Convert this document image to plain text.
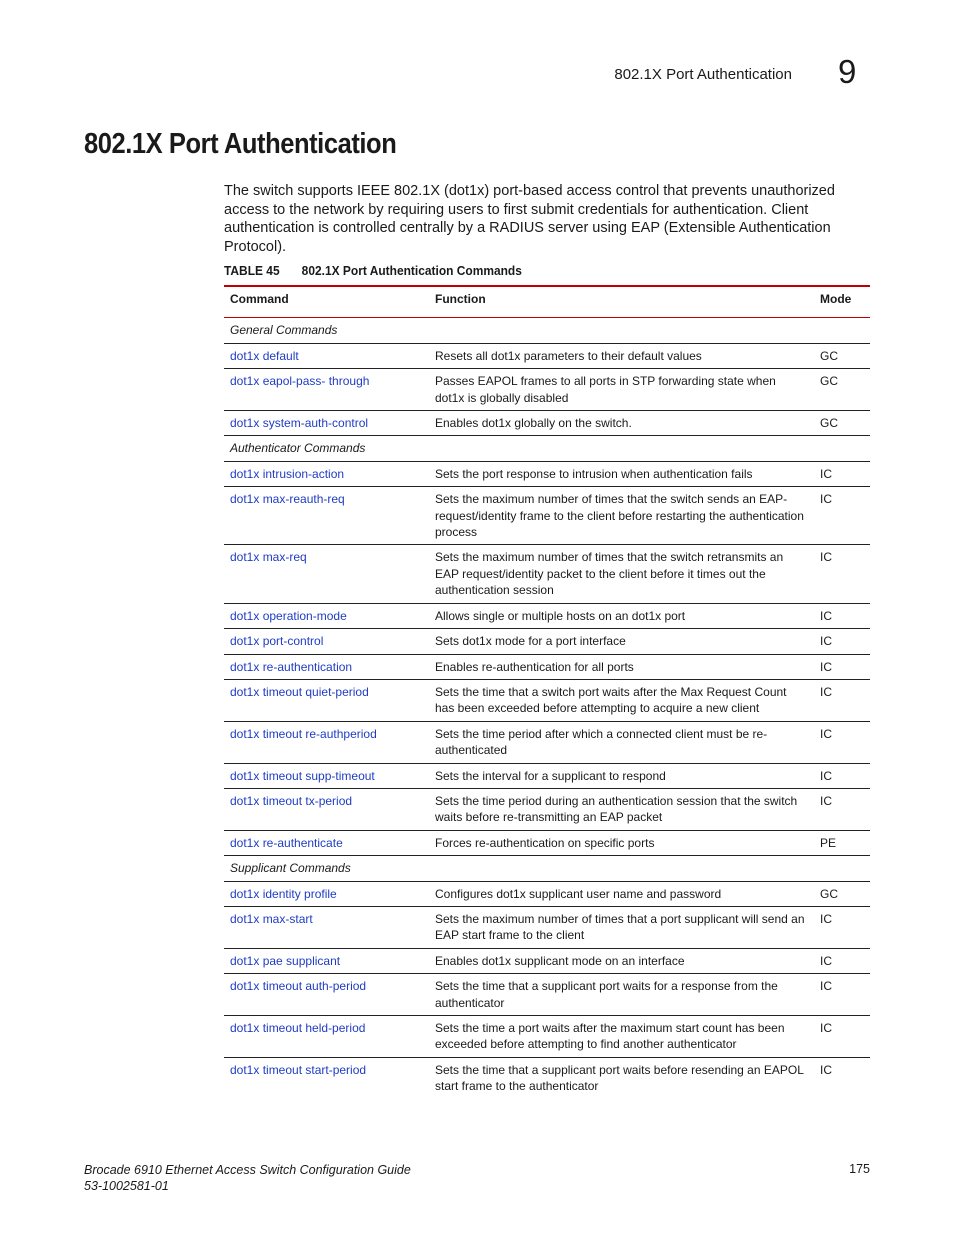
802.1X Port Authentication 9
802.1X Port Authentication

The switch supports IEEE 802.1X (dot1x) port-based access control that prevents unauthorized access to the network by requiring users to first submit credentials for authentication. Client authentication is controlled centrally by a RADIUS server using EAP (Extensible Authentication Protocol).

TABLE 45 802.1X Port Authentication Commands
Command	Function	Mode
General Commands		
dot1x default	Resets all dot1x parameters to their default values	GC
dot1x eapol-pass- through	Passes EAPOL frames to all ports in STP forwarding state when dot1x is globally disabled	GC
dot1x system-auth-control	Enables dot1x globally on the switch.	GC
Authenticator Commands		
dot1x intrusion-action	Sets the port response to intrusion when authentication fails	IC
dot1x max-reauth-req	Sets the maximum number of times that the switch sends an EAP-request/identity frame to the client before restarting the authentication process	IC
dot1x max-req	Sets the maximum number of times that the switch retransmits an EAP request/identity packet to the client before it times out the authentication session	IC
dot1x operation-mode	Allows single or multiple hosts on an dot1x port	IC
dot1x port-control	Sets dot1x mode for a port interface	IC
dot1x re-authentication	Enables re-authentication for all ports	IC
dot1x timeout quiet-period	Sets the time that a switch port waits after the Max Request Count has been exceeded before attempting to acquire a new client	IC
dot1x timeout re-authperiod	Sets the time period after which a connected client must be re-authenticated	IC
dot1x timeout supp-timeout	Sets the interval for a supplicant to respond	IC
dot1x timeout tx-period	Sets the time period during an authentication session that the switch waits before re-transmitting an EAP packet	IC
dot1x re-authenticate	Forces re-authentication on specific ports	PE
Supplicant Commands		
dot1x identity profile	Configures dot1x supplicant user name and password	GC
dot1x max-start	Sets the maximum number of times that a port supplicant will send an EAP start frame to the client	IC
dot1x pae supplicant	Enables dot1x supplicant mode on an interface	IC
dot1x timeout auth-period	Sets the time that a supplicant port waits for a response from the authenticator	IC
dot1x timeout held-period	Sets the time a port waits after the maximum start count has been exceeded before attempting to find another authenticator	IC
dot1x timeout start-period	Sets the time that a supplicant port waits before resending an EAPOL start frame to the authenticator	IC
Brocade 6910 Ethernet Access Switch Configuration Guide
53-1002581-01
175
